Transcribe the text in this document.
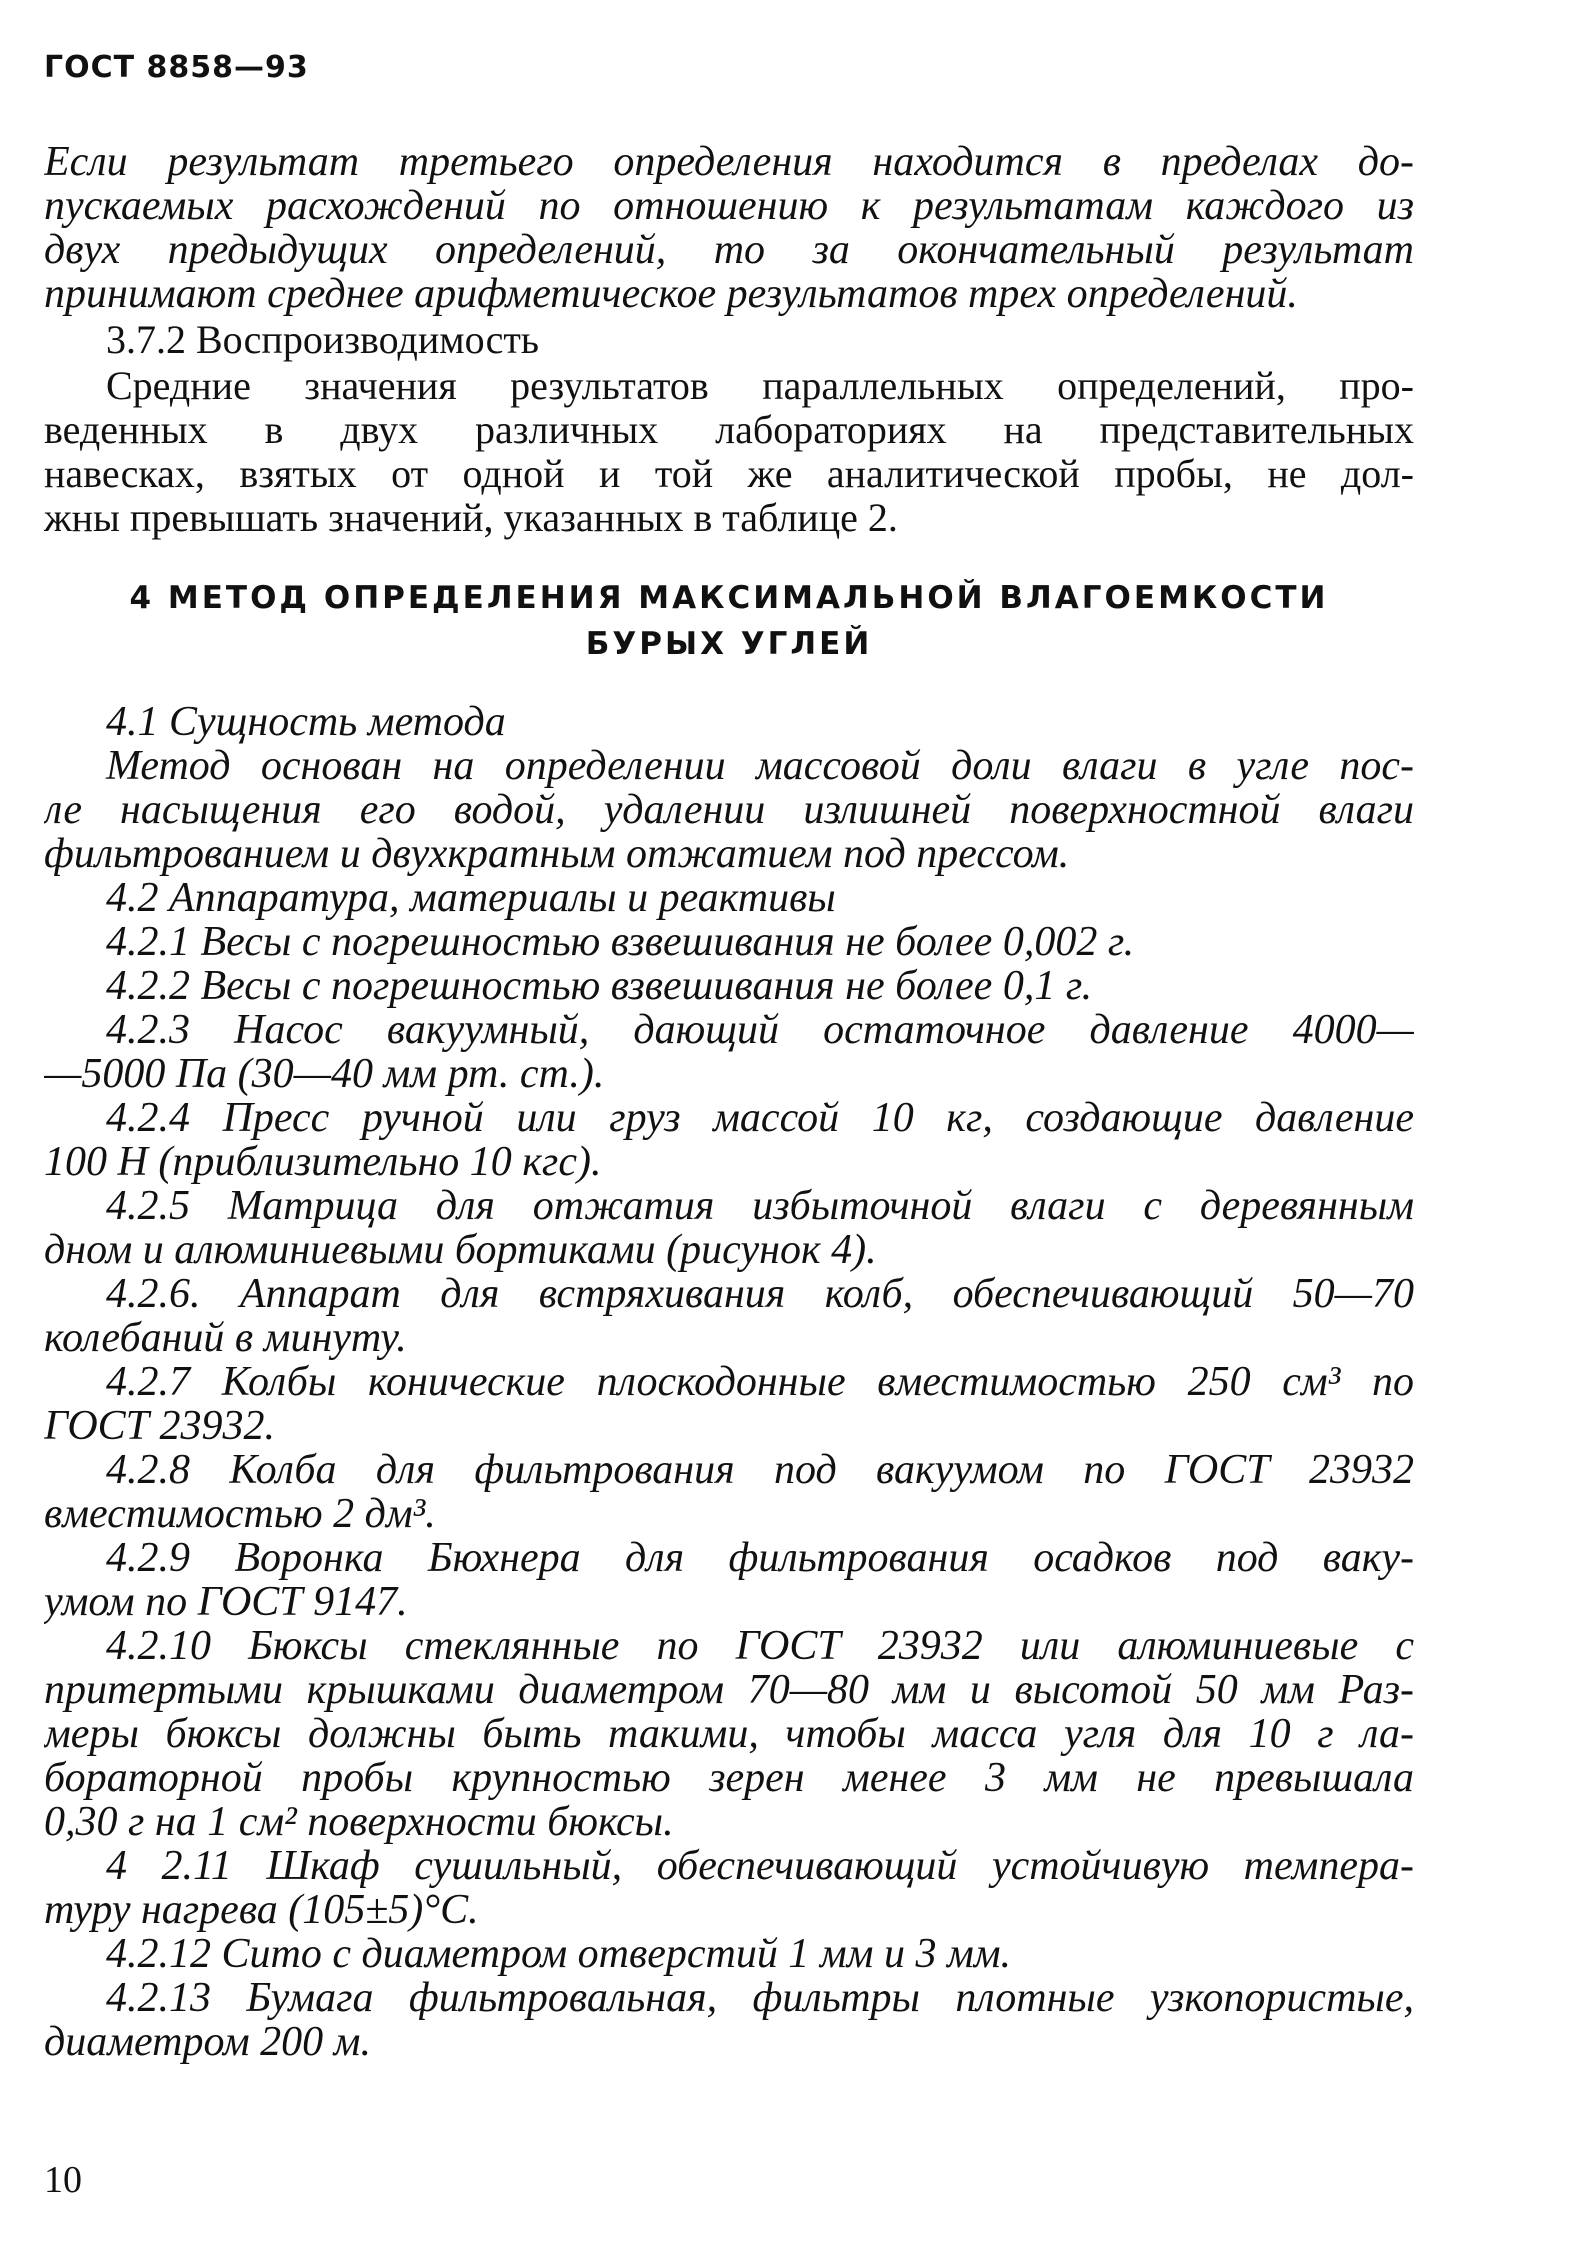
ГОСТ 8858—93
Если результат третьего определения находится в пределах до-
пускаемых расхождений по отношению к результатам каждого из
двух предыдущих определений, то за окончательный результат
принимают среднее арифметическое результатов трех определений.
3.7.2 Воспроизводимость
Средние значения результатов параллельных определений, про-
веденных в двух различных лабораториях на представительных
навесках, взятых от одной и той же аналитической пробы, не дол-
жны превышать значений, указанных в таблице 2.
4 МЕТОД ОПРЕДЕЛЕНИЯ МАКСИМАЛЬНОЙ ВЛАГОЕМКОСТИ
БУРЫХ УГЛЕЙ
4.1 Сущность метода
Метод основан на определении массовой доли влаги в угле пос-
ле насыщения его водой, удалении излишней поверхностной влаги
фильтрованием и двухкратным отжатием под прессом.
4.2 Аппаратура, материалы и реактивы
4.2.1 Весы с погрешностью взвешивания не более 0,002 г.
4.2.2 Весы с погрешностью взвешивания не более 0,1 г.
4.2.3 Насос вакуумный, дающий остаточное давление 4000—
—5000 Па (30—40 мм рт. ст.).
4.2.4 Пресс ручной или груз массой 10 кг, создающие давление
100 Н (приблизительно 10 кгс).
4.2.5 Матрица для отжатия избыточной влаги с деревянным
дном и алюминиевыми бортиками (рисунок 4).
4.2.6. Аппарат для встряхивания колб, обеспечивающий 50—70
колебаний в минуту.
4.2.7 Колбы конические плоскодонные вместимостью 250 см³ по
ГОСТ 23932.
4.2.8 Колба для фильтрования под вакуумом по ГОСТ 23932
вместимостью 2 дм³.
4.2.9 Воронка Бюхнера для фильтрования осадков под ваку-
умом по ГОСТ 9147.
4.2.10 Бюксы стеклянные по ГОСТ 23932 или алюминиевые с
притертыми крышками диаметром 70—80 мм и высотой 50 мм Раз-
меры бюксы должны быть такими, чтобы масса угля для 10 г ла-
бораторной пробы крупностью зерен менее 3 мм не превышала
0,30 г на 1 см² поверхности бюксы.
4 2.11 Шкаф сушильный, обеспечивающий устойчивую темпера-
туру нагрева (105±5)°С.
4.2.12 Сито с диаметром отверстий 1 мм и 3 мм.
4.2.13 Бумага фильтровальная, фильтры плотные узкопористые,
диаметром 200 м.
10
